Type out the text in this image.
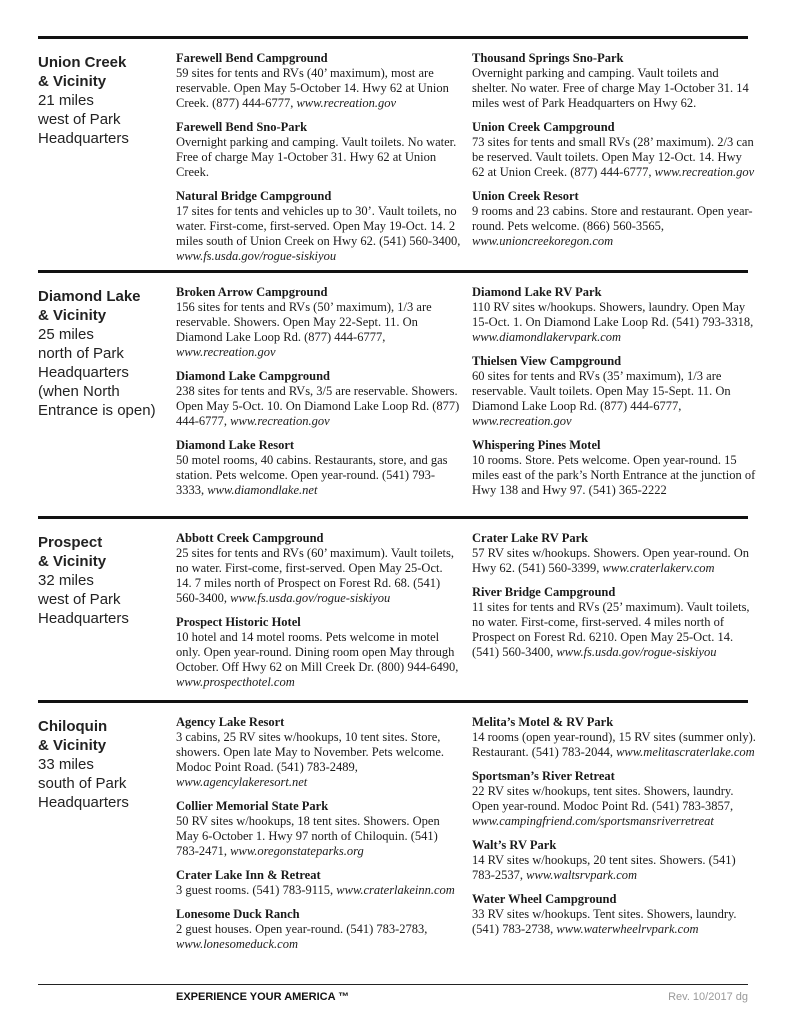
Union Creek
& Vicinity
21 miles
west of Park
Headquarters
Farewell Bend Campground
59 sites for tents and RVs (40’ maximum), most are reservable. Open May 5-October 14. Hwy 62 at Union Creek. (877) 444-6777, www.recreation.gov
Farewell Bend Sno-Park
Overnight parking and camping. Vault toilets. No water. Free of charge May 1-October 31. Hwy 62 at Union Creek.
Natural Bridge Campground
17 sites for tents and vehicles up to 30’. Vault toilets, no water. First-come, first-served. Open May 19-Oct. 14. 2 miles south of Union Creek on Hwy 62. (541) 560-3400, www.fs.usda.gov/rogue-siskiyou
Thousand Springs Sno-Park
Overnight parking and camping. Vault toilets and shelter. No water. Free of charge May 1-October 31. 14 miles west of Park Headquarters on Hwy 62.
Union Creek Campground
73 sites for tents and small RVs (28’ maximum). 2/3 can be reserved. Vault toilets. Open May 12-Oct. 14. Hwy 62 at Union Creek. (877) 444-6777, www.recreation.gov
Union Creek Resort
9 rooms and 23 cabins. Store and restaurant. Open year-round. Pets welcome. (866) 560-3565, www.unioncreekoregon.com
Diamond Lake
& Vicinity
25 miles
north of Park
Headquarters
(when North
Entrance is open)
Broken Arrow Campground
156 sites for tents and RVs (50’ maximum), 1/3 are reservable. Showers. Open May 22-Sept. 11. On Diamond Lake Loop Rd. (877) 444-6777, www.recreation.gov
Diamond Lake Campground
238 sites for tents and RVs, 3/5 are reservable. Showers. Open May 5-Oct. 10. On Diamond Lake Loop Rd. (877) 444-6777, www.recreation.gov
Diamond Lake Resort
50 motel rooms, 40 cabins. Restaurants, store, and gas station. Pets welcome. Open year-round. (541) 793-3333, www.diamondlake.net
Diamond Lake RV Park
110 RV sites w/hookups. Showers, laundry. Open May 15-Oct. 1. On Diamond Lake Loop Rd. (541) 793-3318, www.diamondlakervpark.com
Thielsen View Campground
60 sites for tents and RVs (35’ maximum), 1/3 are reservable. Vault toilets. Open May 15-Sept. 11. On Diamond Lake Loop Rd. (877) 444-6777, www.recreation.gov
Whispering Pines Motel
10 rooms. Store. Pets welcome. Open year-round. 15 miles east of the park’s North Entrance at the junction of Hwy 138 and Hwy 97. (541) 365-2222
Prospect
& Vicinity
32 miles
west of Park
Headquarters
Abbott Creek Campground
25 sites for tents and RVs (60’ maximum). Vault toilets, no water. First-come, first-served. Open May 25-Oct. 14. 7 miles north of Prospect on Forest Rd. 68. (541) 560-3400, www.fs.usda.gov/rogue-siskiyou
Prospect Historic Hotel
10 hotel and 14 motel rooms. Pets welcome in motel only. Open year-round. Dining room open May through October. Off Hwy 62 on Mill Creek Dr. (800) 944-6490, www.prospecthotel.com
Crater Lake RV Park
57 RV sites w/hookups. Showers. Open year-round. On Hwy 62. (541) 560-3399, www.craterlakerv.com
River Bridge Campground
11 sites for tents and RVs (25’ maximum). Vault toilets, no water. First-come, first-served. 4 miles north of Prospect on Forest Rd. 6210. Open May 25-Oct. 14. (541) 560-3400, www.fs.usda.gov/rogue-siskiyou
Chiloquin
& Vicinity
33 miles
south of Park
Headquarters
Agency Lake Resort
3 cabins, 25 RV sites w/hookups, 10 tent sites. Store, showers. Open late May to November. Pets welcome. Modoc Point Road. (541) 783-2489, www.agencylakeresort.net
Collier Memorial State Park
50 RV sites w/hookups, 18 tent sites. Showers. Open May 6-October 1. Hwy 97 north of Chiloquin. (541) 783-2471, www.oregonstateparks.org
Crater Lake Inn & Retreat
3 guest rooms. (541) 783-9115, www.craterlakeinn.com
Lonesome Duck Ranch
2 guest houses. Open year-round. (541) 783-2783, www.lonesomeduck.com
Melita’s Motel & RV Park
14 rooms (open year-round), 15 RV sites (summer only). Restaurant. (541) 783-2044, www.melitascraterlake.com
Sportsman’s River Retreat
22 RV sites w/hookups, tent sites. Showers, laundry. Open year-round. Modoc Point Rd. (541) 783-3857, www.campingfriend.com/sportsmansriverretreat
Walt’s RV Park
14 RV sites w/hookups, 20 tent sites. Showers. (541) 783-2537, www.waltsrvpark.com
Water Wheel Campground
33 RV sites w/hookups. Tent sites. Showers, laundry. (541) 783-2738, www.waterwheelrvpark.com
EXPERIENCE YOUR AMERICA ™	Rev. 10/2017 dg
